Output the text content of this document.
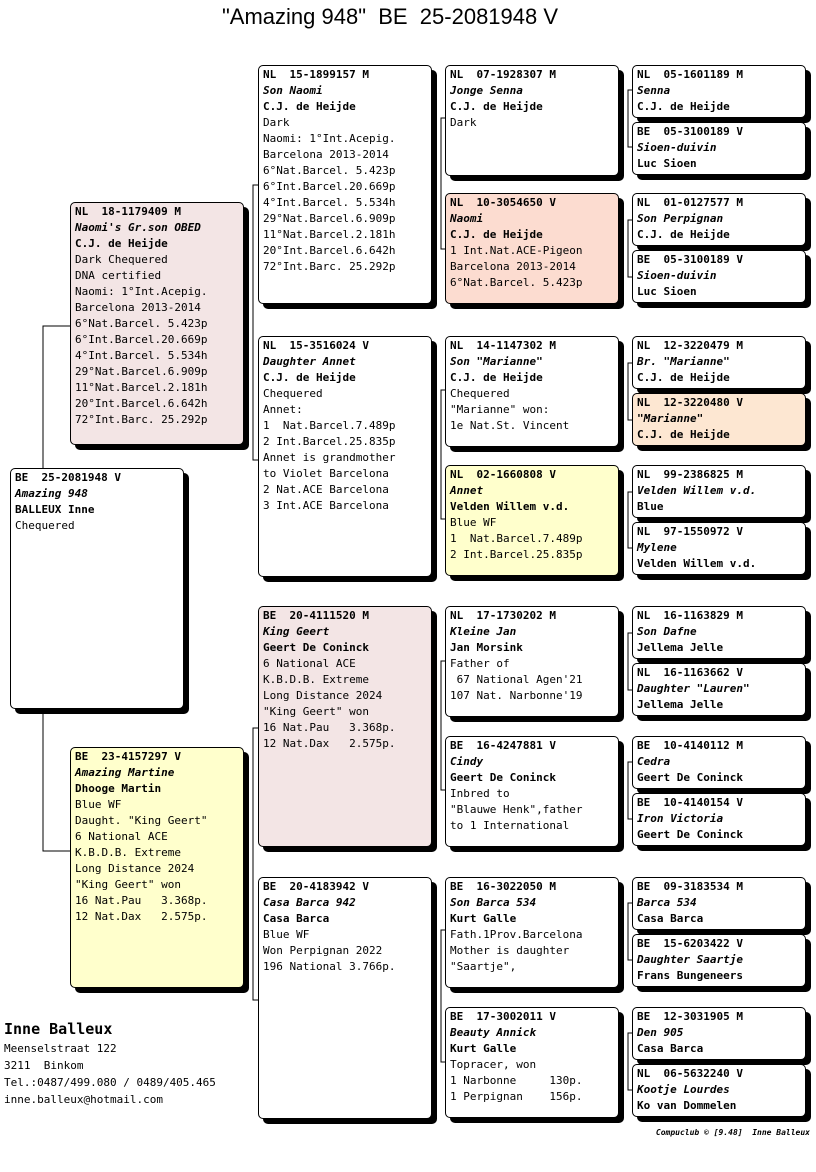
"Amazing 948"  BE  25-2081948 V
BE  25-2081948 V
Amazing 948
BALLEUX Inne
Chequered
NL  18-1179409 M
Naomi's Gr.son OBED
C.J. de Heijde
Dark Chequered
DNA certified
Naomi: 1°Int.Acepig.
Barcelona 2013-2014
6°Nat.Barcel. 5.423p
6°Int.Barcel.20.669p
4°Int.Barcel. 5.534h
29°Nat.Barcel.6.909p
11°Nat.Barcel.2.181h
20°Int.Barcel.6.642h
72°Int.Barc. 25.292p
BE  23-4157297 V
Amazing Martine
Dhooge Martin
Blue WF
Daught. "King Geert"
6 National ACE
K.B.D.B. Extreme
Long Distance 2024
"King Geert" won
16 Nat.Pau   3.368p.
12 Nat.Dax   2.575p.
NL  15-1899157 M
Son Naomi
C.J. de Heijde
Dark
Naomi: 1°Int.Acepig.
Barcelona 2013-2014
6°Nat.Barcel. 5.423p
6°Int.Barcel.20.669p
4°Int.Barcel. 5.534h
29°Nat.Barcel.6.909p
11°Nat.Barcel.2.181h
20°Int.Barcel.6.642h
72°Int.Barc. 25.292p
NL  15-3516024 V
Daughter Annet
C.J. de Heijde
Chequered
Annet:
1  Nat.Barcel.7.489p
2 Int.Barcel.25.835p
Annet is grandmother
to Violet Barcelona
2 Nat.ACE Barcelona
3 Int.ACE Barcelona
BE  20-4111520 M
King Geert
Geert De Coninck
6 National ACE
K.B.D.B. Extreme
Long Distance 2024
"King Geert" won
16 Nat.Pau   3.368p.
12 Nat.Dax   2.575p.
BE  20-4183942 V
Casa Barca 942
Casa Barca
Blue WF
Won Perpignan 2022
196 National 3.766p.
NL  07-1928307 M
Jonge Senna
C.J. de Heijde
Dark
NL  10-3054650 V
Naomi
C.J. de Heijde
1 Int.Nat.ACE-Pigeon
Barcelona 2013-2014
6°Nat.Barcel. 5.423p
NL  14-1147302 M
Son "Marianne"
C.J. de Heijde
Chequered
"Marianne" won:
1e Nat.St. Vincent
NL  02-1660808 V
Annet
Velden Willem v.d.
Blue WF
1  Nat.Barcel.7.489p
2 Int.Barcel.25.835p
NL  17-1730202 M
Kleine Jan
Jan Morsink
Father of
67 National Agen'21
107 Nat. Narbonne'19
BE  16-4247881 V
Cindy
Geert De Coninck
Inbred to
"Blauwe Henk",father
to 1 International
BE  16-3022050 M
Son Barca 534
Kurt Galle
Fath.1Prov.Barcelona
Mother is daughter
"Saartje",
BE  17-3002011 V
Beauty Annick
Kurt Galle
Topracer, won
1 Narbonne     130p.
1 Perpignan    156p.
NL  05-1601189 M
Senna
C.J. de Heijde
BE  05-3100189 V
Sioen-duivin
Luc Sioen
NL  01-0127577 M
Son Perpignan
C.J. de Heijde
BE  05-3100189 V
Sioen-duivin
Luc Sioen
NL  12-3220479 M
Br. "Marianne"
C.J. de Heijde
NL  12-3220480 V
"Marianne"
C.J. de Heijde
NL  99-2386825 M
Velden Willem v.d.
Blue
NL  97-1550972 V
Mylene
Velden Willem v.d.
NL  16-1163829 M
Son Dafne
Jellema Jelle
NL  16-1163662 V
Daughter "Lauren"
Jellema Jelle
BE  10-4140112 M
Cedra
Geert De Coninck
BE  10-4140154 V
Iron Victoria
Geert De Coninck
BE  09-3183534 M
Barca 534
Casa Barca
BE  15-6203422 V
Daughter Saartje
Frans Bungeneers
BE  12-3031905 M
Den 905
Casa Barca
NL  06-5632240 V
Kootje Lourdes
Ko van Dommelen
Inne Balleux
Meenselstraat 122
3211  Binkom
Tel.:0487/499.080 / 0489/405.465
inne.balleux@hotmail.com
Compuclub © [9.48]  Inne Balleux
